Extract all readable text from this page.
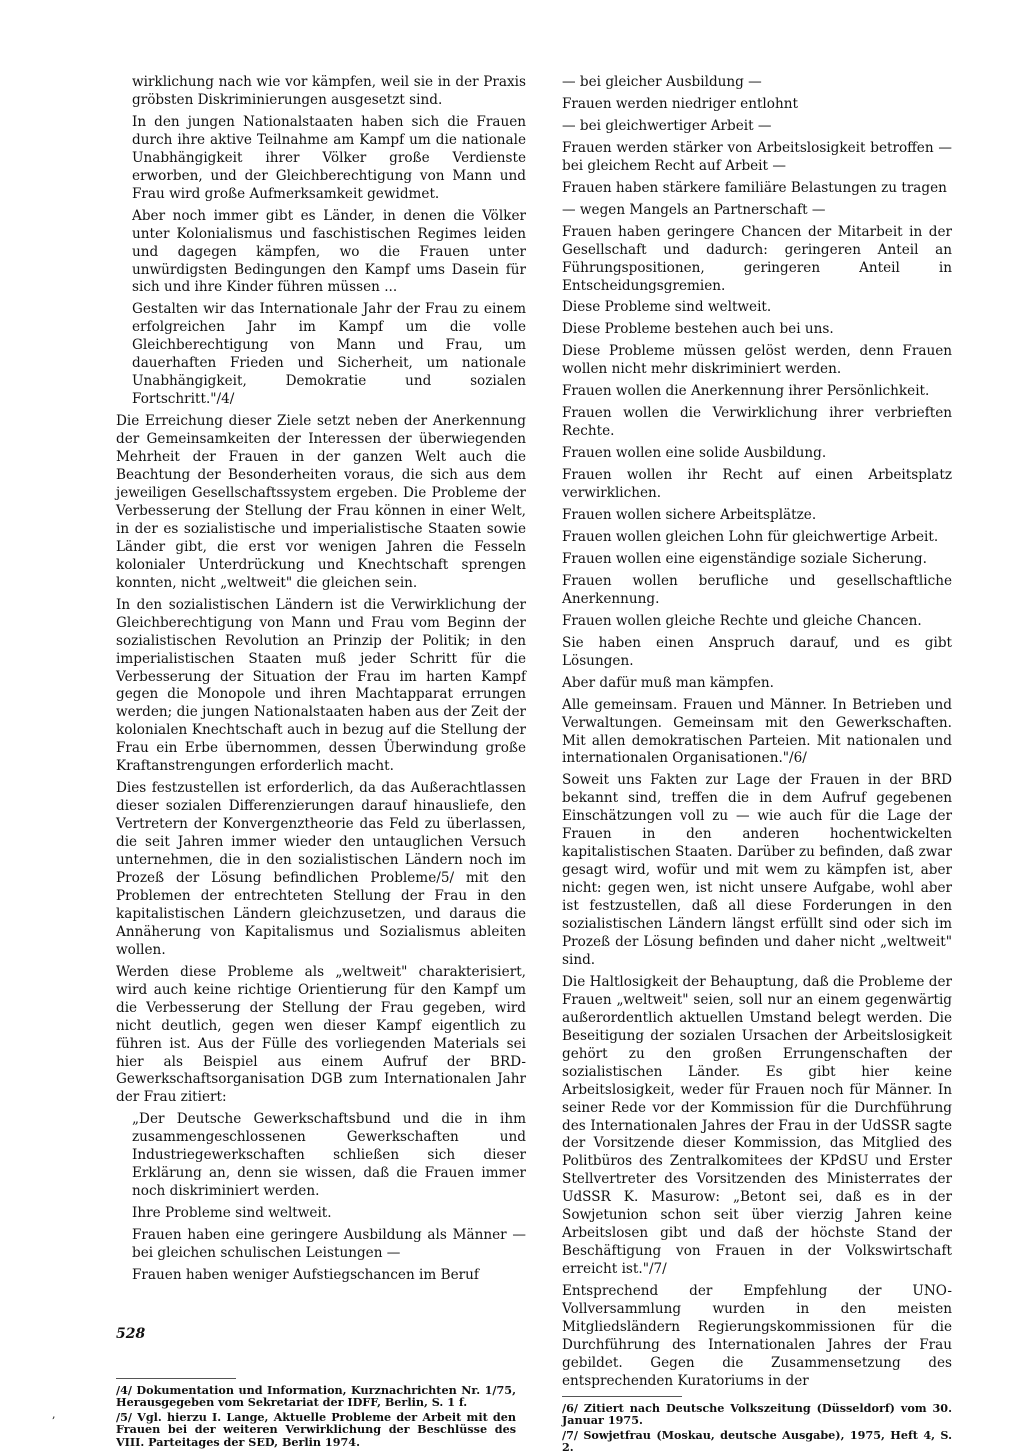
wirklichung nach wie vor kämpfen, weil sie in der Praxis gröbsten Diskriminierungen ausgesetzt sind.

In den jungen Nationalstaaten haben sich die Frauen durch ihre aktive Teilnahme am Kampf um die nationale Unabhängigkeit ihrer Völker große Verdienste erworben, und der Gleichberechtigung von Mann und Frau wird große Aufmerksamkeit gewidmet.

Aber noch immer gibt es Länder, in denen die Völker unter Kolonialismus und faschistischen Regimes leiden und dagegen kämpfen, wo die Frauen unter unwürdigsten Bedingungen den Kampf ums Dasein für sich und ihre Kinder führen müssen ...

Gestalten wir das Internationale Jahr der Frau zu einem erfolgreichen Jahr im Kampf um die volle Gleichberechtigung von Mann und Frau, um dauerhaften Frieden und Sicherheit, um nationale Unabhängigkeit, Demokratie und sozialen Fortschritt."/4/

Die Erreichung dieser Ziele setzt neben der Anerkennung der Gemeinsamkeiten der Interessen der überwiegenden Mehrheit der Frauen in der ganzen Welt auch die Beachtung der Besonderheiten voraus, die sich aus dem jeweiligen Gesellschaftssystem ergeben. Die Probleme der Verbesserung der Stellung der Frau können in einer Welt, in der es sozialistische und imperialistische Staaten sowie Länder gibt, die erst vor wenigen Jahren die Fesseln kolonialer Unterdrückung und Knechtschaft sprengen konnten, nicht „weltweit" die gleichen sein.

In den sozialistischen Ländern ist die Verwirklichung der Gleichberechtigung von Mann und Frau vom Beginn der sozialistischen Revolution an Prinzip der Politik; in den imperialistischen Staaten muß jeder Schritt für die Verbesserung der Situation der Frau im harten Kampf gegen die Monopole und ihren Machtapparat errungen werden; die jungen Nationalstaaten haben aus der Zeit der kolonialen Knechtschaft auch in bezug auf die Stellung der Frau ein Erbe übernommen, dessen Überwindung große Kraftanstrengungen erforderlich macht.

Dies festzustellen ist erforderlich, da das Außerachtlassen dieser sozialen Differenzierungen darauf hinausliefe, den Vertretern der Konvergenztheorie das Feld zu überlassen, die seit Jahren immer wieder den untauglichen Versuch unternehmen, die in den sozialistischen Ländern noch im Prozeß der Lösung befindlichen Probleme/5/ mit den Problemen der entrechteten Stellung der Frau in den kapitalistischen Ländern gleichzusetzen, und daraus die Annäherung von Kapitalismus und Sozialismus ableiten wollen.

Werden diese Probleme als „weltweit" charakterisiert, wird auch keine richtige Orientierung für den Kampf um die Verbesserung der Stellung der Frau gegeben, wird nicht deutlich, gegen wen dieser Kampf eigentlich zu führen ist. Aus der Fülle des vorliegenden Materials sei hier als Beispiel aus einem Aufruf der BRD-Gewerkschaftsorganisation DGB zum Internationalen Jahr der Frau zitiert:

„Der Deutsche Gewerkschaftsbund und die in ihm zusammengeschlossenen Gewerkschaften und Industriegewerkschaften schließen sich dieser Erklärung an, denn sie wissen, daß die Frauen immer noch diskriminiert werden.

Ihre Probleme sind weltweit.

Frauen haben eine geringere Ausbildung als Männer — bei gleichen schulischen Leistungen —

Frauen haben weniger Aufstiegschancen im Beruf

— bei gleicher Ausbildung —

Frauen werden niedriger entlohnt

— bei gleichwertiger Arbeit —

Frauen werden stärker von Arbeitslosigkeit betroffen — bei gleichem Recht auf Arbeit —

Frauen haben stärkere familiäre Belastungen zu tragen

— wegen Mangels an Partnerschaft —

Frauen haben geringere Chancen der Mitarbeit in der Gesellschaft und dadurch: geringeren Anteil an Führungspositionen, geringeren Anteil in Entscheidungsgremien.

Diese Probleme sind weltweit.

Diese Probleme bestehen auch bei uns.

Diese Probleme müssen gelöst werden, denn Frauen wollen nicht mehr diskriminiert werden.

Frauen wollen die Anerkennung ihrer Persönlichkeit.

Frauen wollen die Verwirklichung ihrer verbrieften Rechte.

Frauen wollen eine solide Ausbildung.

Frauen wollen ihr Recht auf einen Arbeitsplatz verwirklichen.

Frauen wollen sichere Arbeitsplätze.

Frauen wollen gleichen Lohn für gleichwertige Arbeit.

Frauen wollen eine eigenständige soziale Sicherung.

Frauen wollen berufliche und gesellschaftliche Anerkennung.

Frauen wollen gleiche Rechte und gleiche Chancen.

Sie haben einen Anspruch darauf, und es gibt Lösungen.

Aber dafür muß man kämpfen.

Alle gemeinsam. Frauen und Männer. In Betrieben und Verwaltungen. Gemeinsam mit den Gewerkschaften. Mit allen demokratischen Parteien. Mit nationalen und internationalen Organisationen."/6/

Soweit uns Fakten zur Lage der Frauen in der BRD bekannt sind, treffen die in dem Aufruf gegebenen Einschätzungen voll zu — wie auch für die Lage der Frauen in den anderen hochentwickelten kapitalistischen Staaten. Darüber zu befinden, daß zwar gesagt wird, wofür und mit wem zu kämpfen ist, aber nicht: gegen wen, ist nicht unsere Aufgabe, wohl aber ist festzustellen, daß all diese Forderungen in den sozialistischen Ländern längst erfüllt sind oder sich im Prozeß der Lösung befinden und daher nicht „weltweit" sind.

Die Haltlosigkeit der Behauptung, daß die Probleme der Frauen „weltweit" seien, soll nur an einem gegenwärtig außerordentlich aktuellen Umstand belegt werden. Die Beseitigung der sozialen Ursachen der Arbeitslosigkeit gehört zu den großen Errungenschaften der sozialistischen Länder. Es gibt hier keine Arbeitslosigkeit, weder für Frauen noch für Männer. In seiner Rede vor der Kommission für die Durchführung des Internationalen Jahres der Frau in der UdSSR sagte der Vorsitzende dieser Kommission, das Mitglied des Politbüros des Zentralkomitees der KPdSU und Erster Stellvertreter des Vorsitzenden des Ministerrates der UdSSR K. Masurow: „Betont sei, daß es in der Sowjetunion schon seit über vierzig Jahren keine Arbeitslosen gibt und daß der höchste Stand der Beschäftigung von Frauen in der Volkswirtschaft erreicht ist."/7/

Entsprechend der Empfehlung der UNO-Vollversammlung wurden in den meisten Mitgliedsländern Regierungskommissionen für die Durchführung des Internationalen Jahres der Frau gebildet. Gegen die Zusammensetzung des entsprechenden Kuratoriums in der

/4/ Dokumentation und Information, Kurznachrichten Nr. 1/75, Herausgegeben vom Sekretariat der IDFF, Berlin, S. 1 f.

/5/ Vgl. hierzu I. Lange, Aktuelle Probleme der Arbeit mit den Frauen bei der weiteren Verwirklichung der Beschlüsse des VIII. Parteitages der SED, Berlin 1974.

/6/ Zitiert nach Deutsche Volkszeitung (Düsseldorf) vom 30. Januar 1975.

/7/ Sowjetfrau (Moskau, deutsche Ausgabe), 1975, Heft 4, S. 2.

528
,
